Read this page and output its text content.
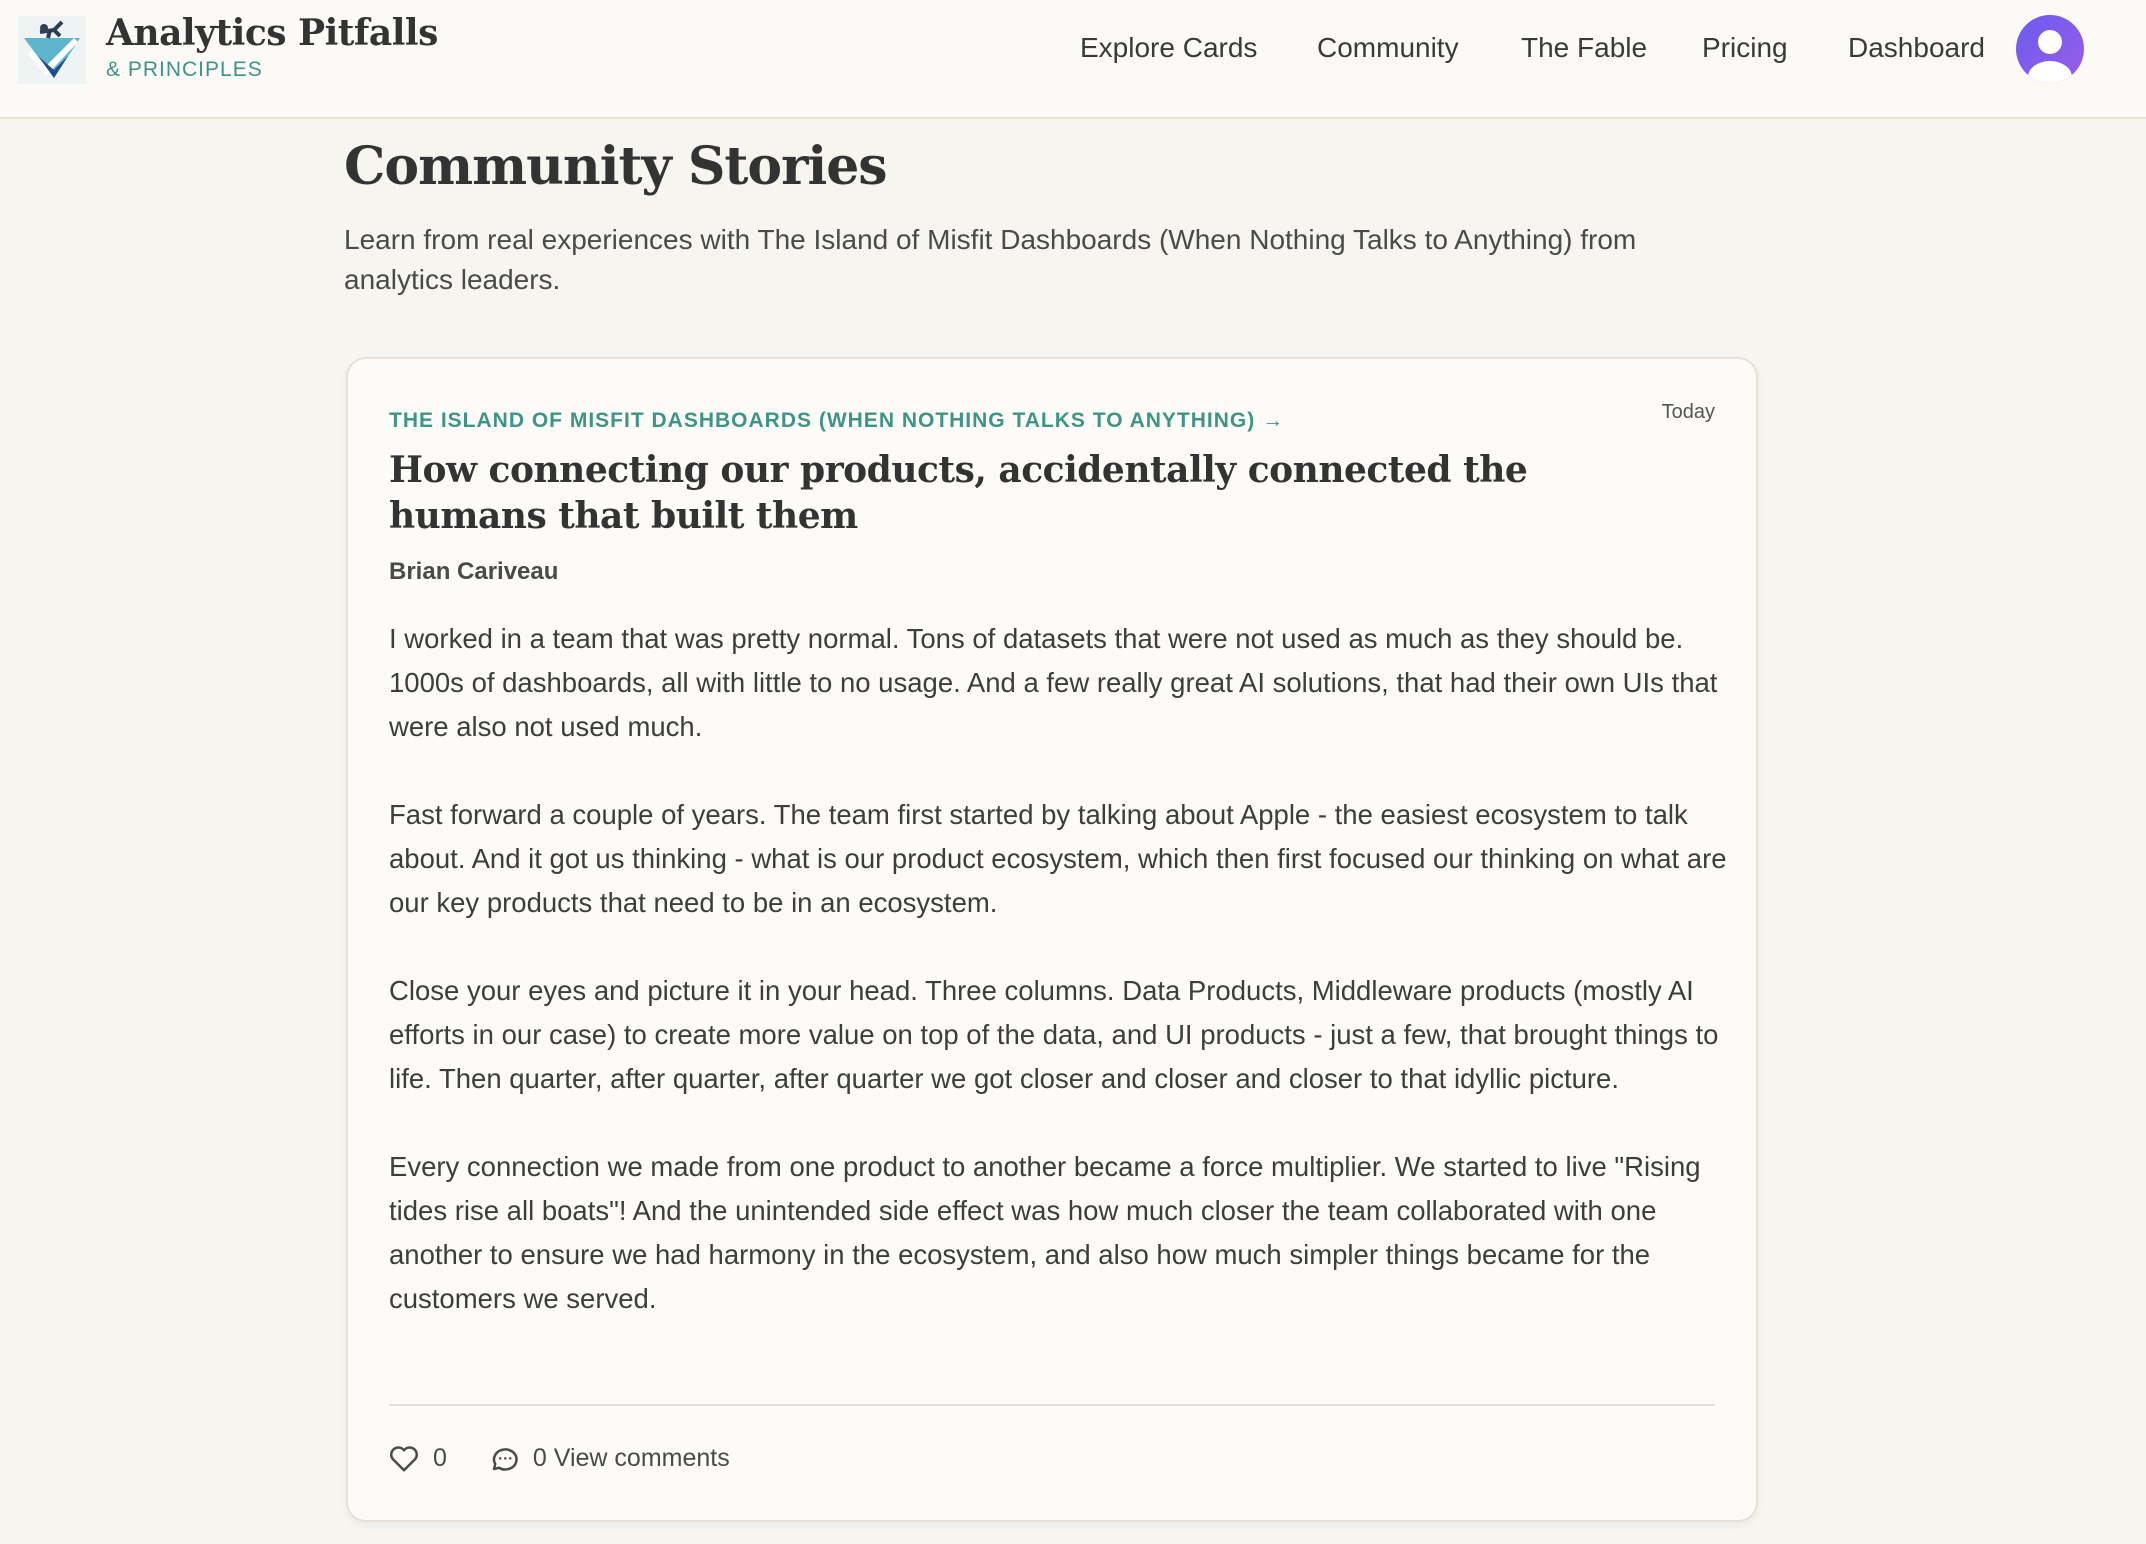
Analytics Pitfalls
& PRINCIPLES
Explore Cards Community The Fable Pricing Dashboard
Community Stories
Learn from real experiences with The Island of Misfit Dashboards (When Nothing Talks to Anything) from analytics leaders.
THE ISLAND OF MISFIT DASHBOARDS (WHEN NOTHING TALKS TO ANYTHING) →	Today
How connecting our products, accidentally connected the humans that built them
Brian Cariveau

I worked in a team that was pretty normal. Tons of datasets that were not used as much as they should be. 1000s of dashboards, all with little to no usage. And a few really great AI solutions, that had their own UIs that were also not used much.

Fast forward a couple of years. The team first started by talking about Apple - the easiest ecosystem to talk about. And it got us thinking - what is our product ecosystem, which then first focused our thinking on what are our key products that need to be in an ecosystem.

Close your eyes and picture it in your head. Three columns. Data Products, Middleware products (mostly AI efforts in our case) to create more value on top of the data, and UI products - just a few, that brought things to life. Then quarter, after quarter, after quarter we got closer and closer and closer to that idyllic picture.

Every connection we made from one product to another became a force multiplier. We started to live "Rising tides rise all boats"! And the unintended side effect was how much closer the team collaborated with one another to ensure we had harmony in the ecosystem, and also how much simpler things became for the customers we served.

0	0 View comments
